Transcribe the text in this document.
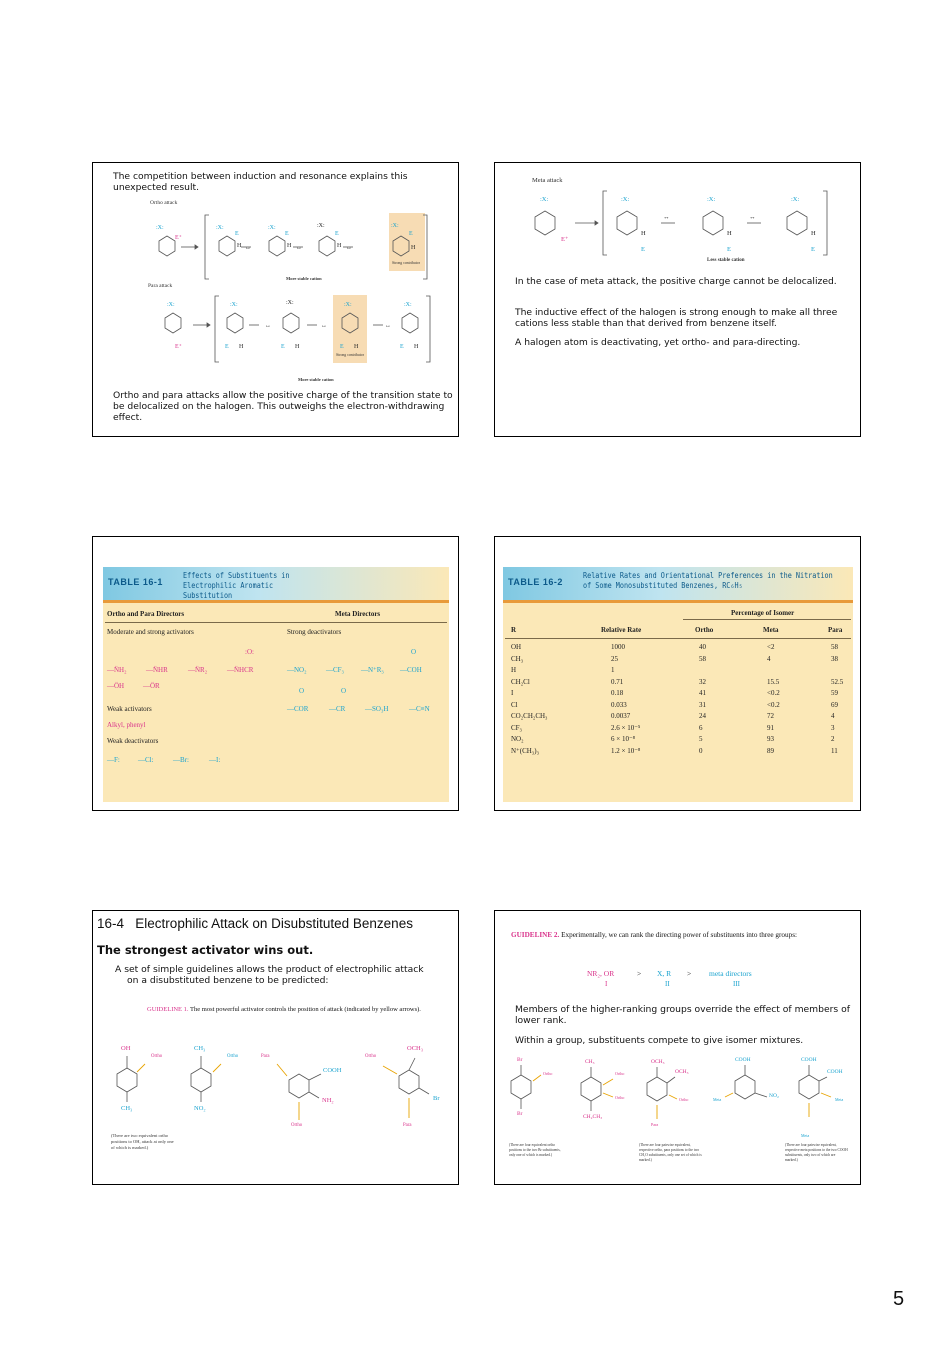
The competition between induction and resonance explains this unexpected result.
Ortho attack
:X:
E⁺
:X:	:X:	:X:	:X:
H	H	H	H
E	E	E	E
↔	↔	↔
More stable cation
Strong contributor
Para attack
:X:
E⁺
:X:	:X:	:X:	:X:
E H	E H	E H	E H
↔	↔	↔
Strong contributor
More stable cation
Ortho and para attacks allow the positive charge of the transition state to be delocalized on the halogen. This outweighs the electron-withdrawing effect.
Meta attack
:X:
E⁺
:X:	:X:	:X:
H
E
H
E
H
E
↔	↔
Less stable cation
In the case of meta attack, the positive charge cannot be delocalized.
The inductive effect of the halogen is strong enough to make all three cations less stable than that derived from benzene itself.
A halogen atom is deactivating, yet ortho- and para-directing.
TABLE 16-1
Effects of Substituents in Electrophilic Aromatic Substitution
Ortho and Para Directors	Meta Directors
Moderate and strong activators	Strong deactivators
:O:
—N̈H₂	—N̈HR	—N̈R₂	—N̈HCR
—ÖH	—ÖR
O
—NO₂	—CF₃ —N⁺R₃ —COH
O	O
—COR	—CR	—SO₃H	—C≡N
Weak activators
Alkyl, phenyl
Weak deactivators
—F:	—Cl:	—Br:	—I:
TABLE 16-2
Relative Rates and Orientational Preferences in the Nitration of Some Monosubstituted Benzenes, RC₆H₅
Percentage of Isomer
R	Relative Rate	Ortho	Meta	Para
OH	1000	40	<2	58
CH₃	25	58	4	38
H	1
CH₂Cl	0.71	32	15.5	52.5
I	0.18	41	<0.2	59
Cl	0.033	31	<0.2	69
CO₂CH₂CH₃	0.0037	24	72	4
CF₃	2.6 × 10⁻⁵	6	91	3
NO₂	6 × 10⁻⁸	5	93	2
N⁺(CH₃)₃	1.2 × 10⁻⁸	0	89	11
16-4 Electrophilic Attack on Disubstituted Benzenes
The strongest activator wins out.
A set of simple guidelines allows the product of electrophilic attack on a disubstituted benzene to be predicted:
GUIDELINE 1. The most powerful activator controls the position of attack (indicated by yellow arrows).
OH
Ortho
CH₃
CH₃
Ortho
NO₂
Para
COOH
NH₂
Ortho
Ortho
OCH₃
Br
Para
(There are two equivalent ortho positions to OH, attack at only one of which is marked.)
GUIDELINE 2. Experimentally, we can rank the directing power of substituents into three groups:
NR₂, OR	> X, R > meta directors
I	II	III
Members of the higher-ranking groups override the effect of members of lower rank.
Within a group, substituents compete to give isomer mixtures.
Br
Ortho
Br
CH₃
Ortho
Ortho
CH₂CH₃
OCH₃
OCH₃
Ortho
Para
COOH
Meta
NO₂
COOH
COOH
Meta
Meta
(There are four equivalent ortho positions to the two Br substituents, only one of which is marked.)
(There are four pairwise equivalent, respective ortho, para positions to the two CH₃O substituents, only one set of which is marked.)
(There are four pairwise equivalent, respective meta positions to the two COOH substituents, only two of which are marked.)
5
